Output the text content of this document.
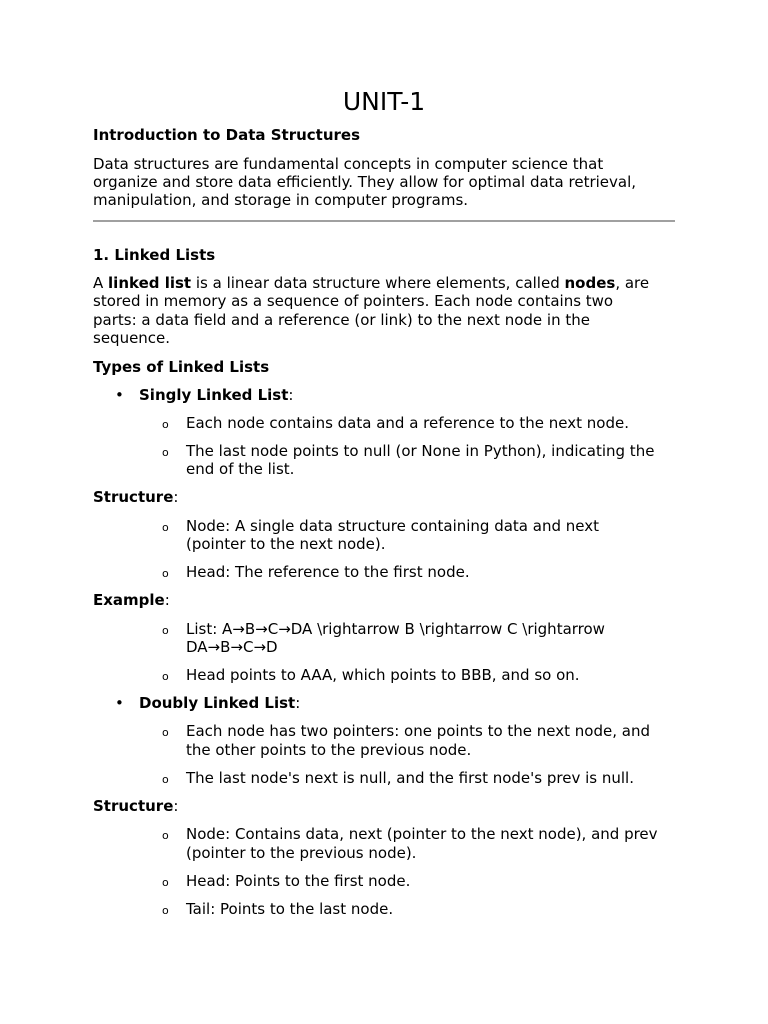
UNIT-1
Introduction to Data Structures
Data structures are fundamental concepts in computer science that
organize and store data efficiently. They allow for optimal data retrieval,
manipulation, and storage in computer programs.
1. Linked Lists
A linked list is a linear data structure where elements, called nodes, are
stored in memory as a sequence of pointers. Each node contains two
parts: a data field and a reference (or link) to the next node in the
sequence.
Types of Linked Lists
• Singly Linked List:
o Each node contains data and a reference to the next node.
o The last node points to null (or None in Python), indicating the
end of the list.
Structure:
o Node: A single data structure containing data and next
(pointer to the next node).
o Head: The reference to the first node.
Example:
o List: A→B→C→DA \rightarrow B \rightarrow C \rightarrow
DA→B→C→D
o Head points to AAA, which points to BBB, and so on.
• Doubly Linked List:
o Each node has two pointers: one points to the next node, and
the other points to the previous node.
o The last node's next is null, and the first node's prev is null.
Structure:
o Node: Contains data, next (pointer to the next node), and prev
(pointer to the previous node).
o Head: Points to the first node.
o Tail: Points to the last node.
